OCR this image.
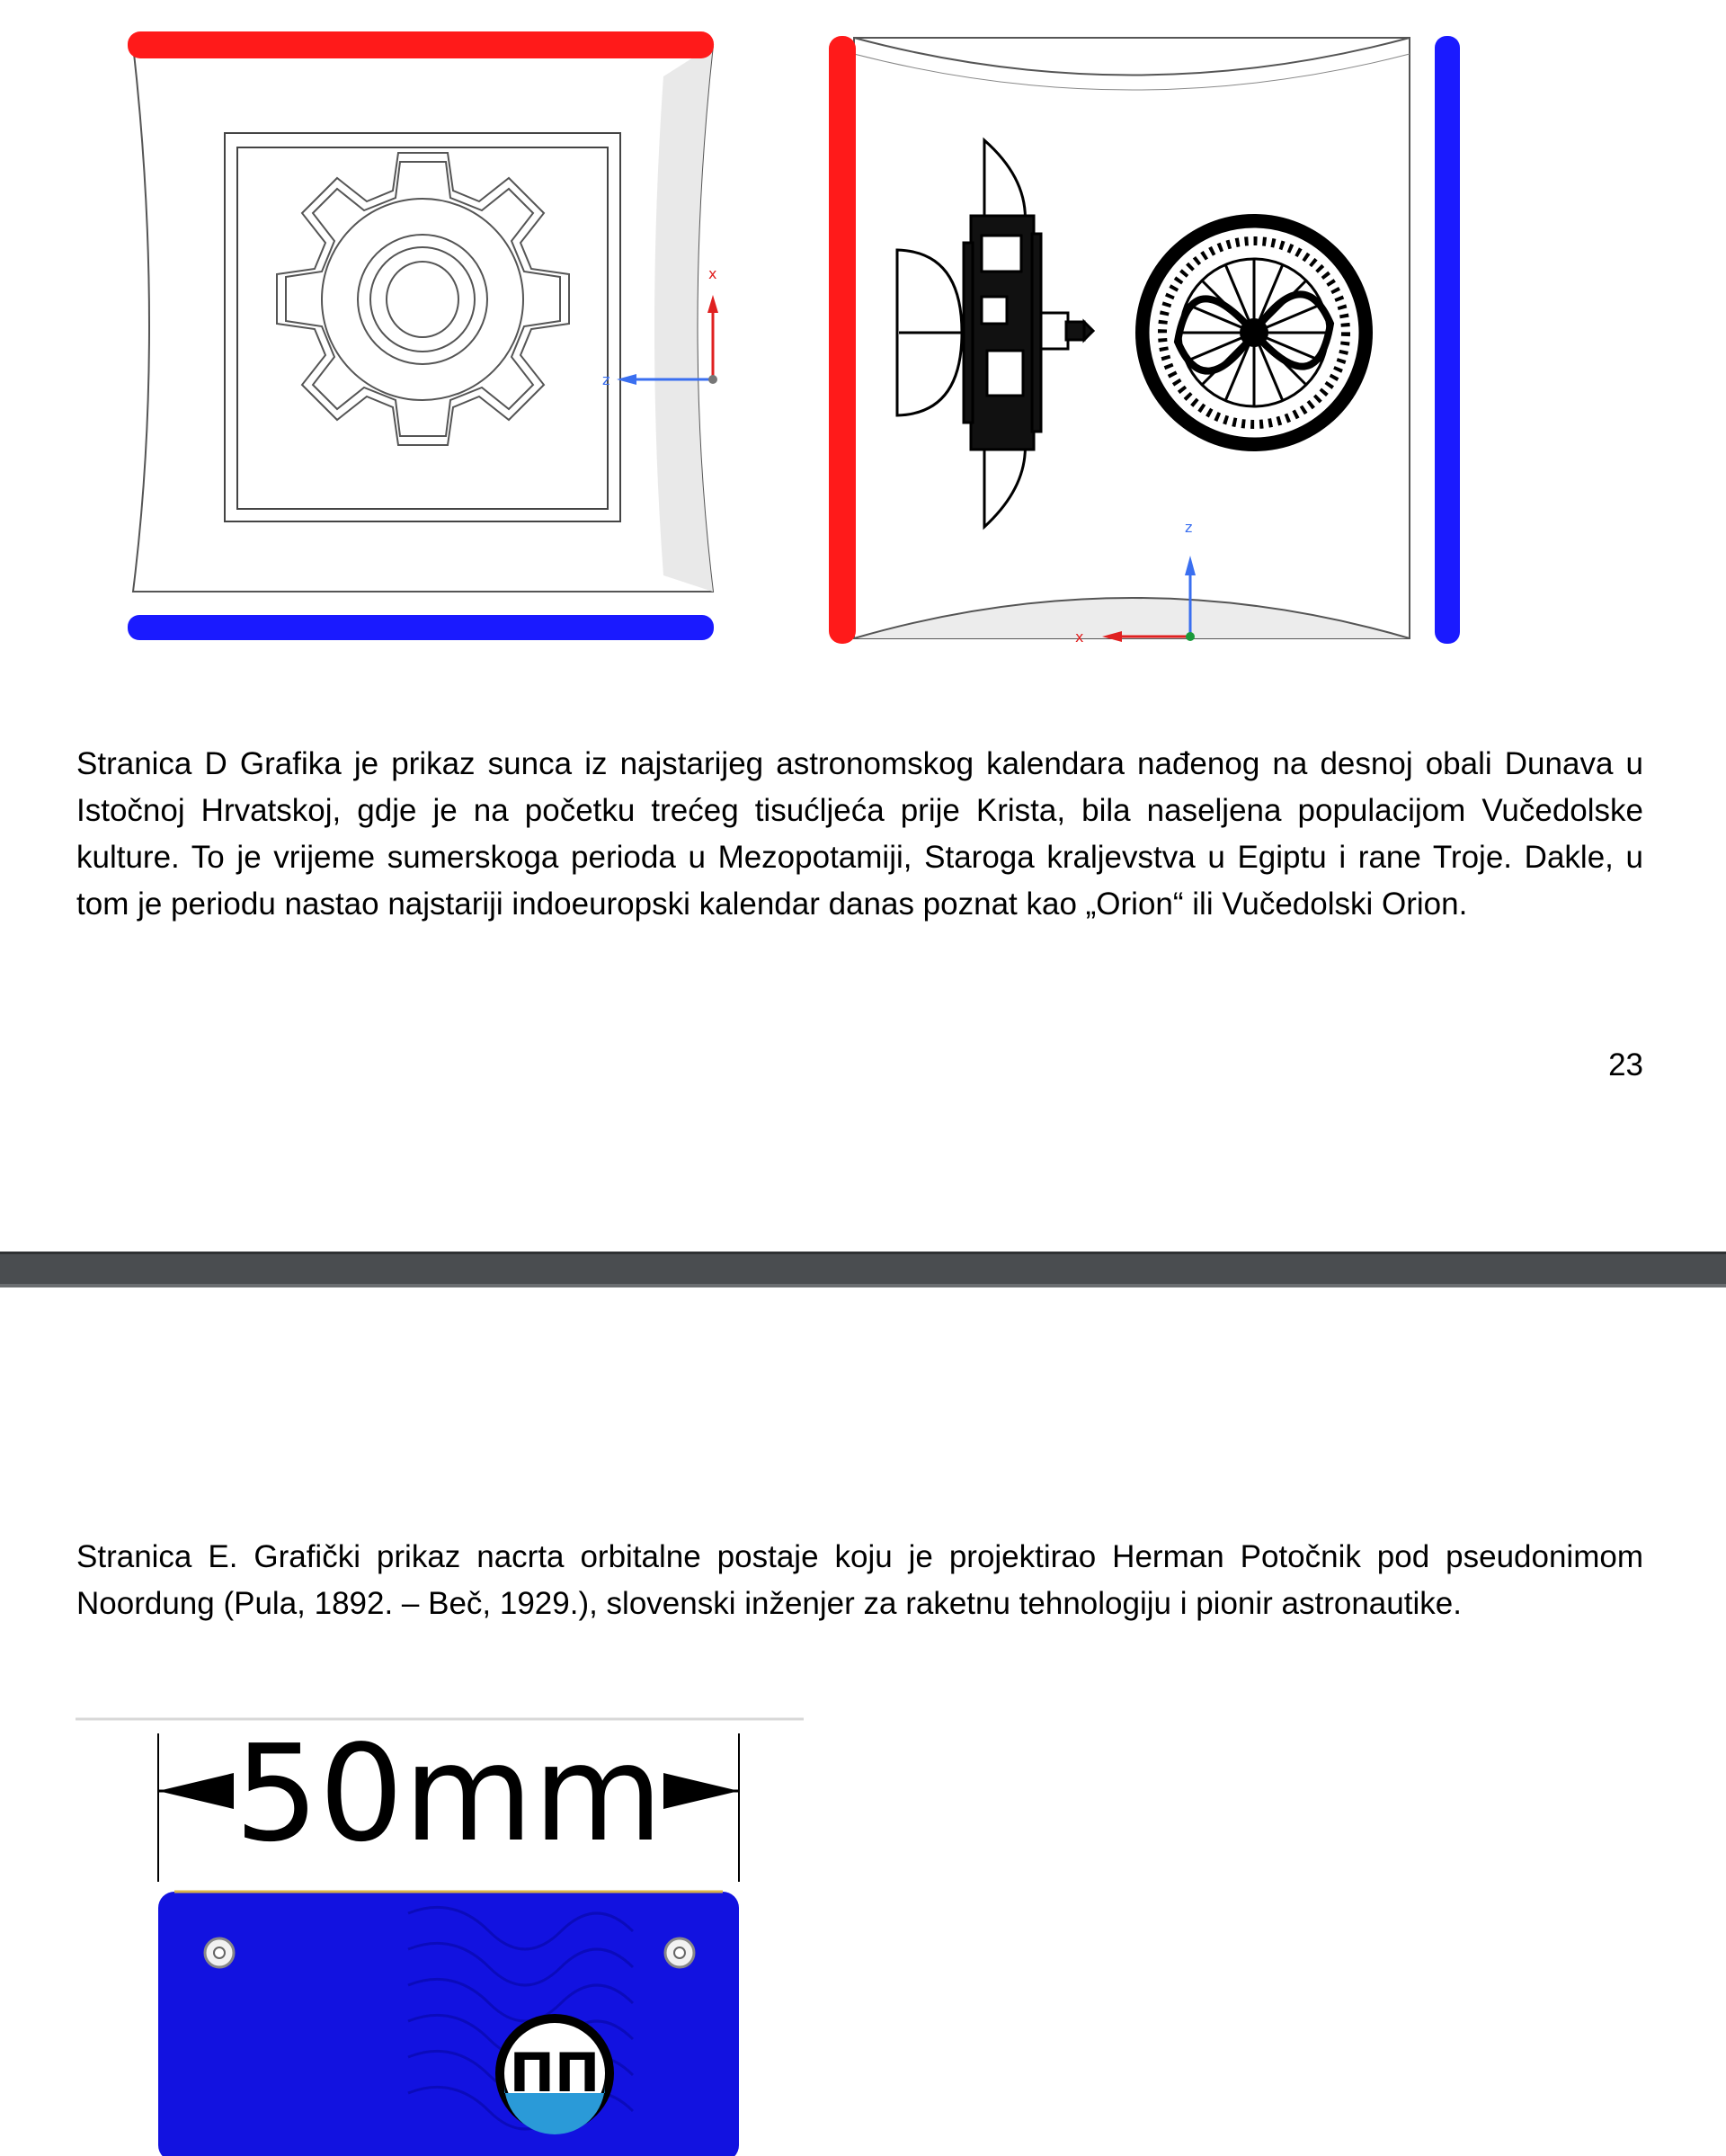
x
z
z
x

Stranica D Grafika je prikaz sunca iz najstarijeg astronomskog kalendara nađenog na desnoj obali Dunava u Istočnoj Hrvatskoj, gdje je na početku trećeg tisućljeća prije Krista, bila naseljena populacijom Vučedolske kulture. To je vrijeme sumerskoga perioda u Mezopotamiji, Staroga kraljevstva u Egiptu i rane Troje. Dakle, u tom je periodu nastao najstariji indoeuropski kalendar danas poznat kao „Orion“ ili Vučedolski Orion.

23

Stranica E. Grafički prikaz nacrta orbitalne postaje koju je projektirao Herman Potočnik pod pseudonimom Noordung (Pula, 1892. – Beč, 1929.), slovenski inženjer za raketnu tehnologiju i pionir astronautike.

50mm
ΠΠ
